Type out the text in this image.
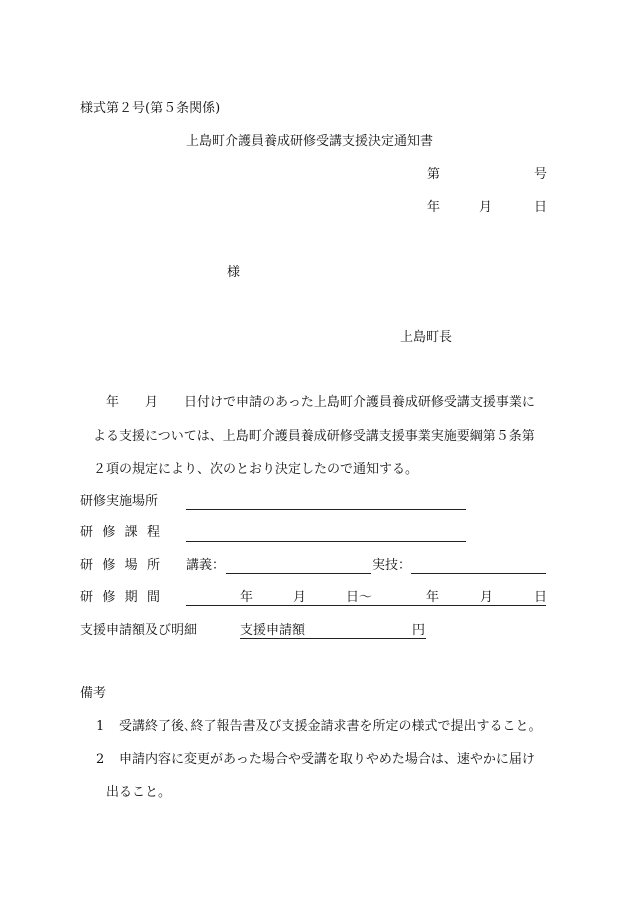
様式第２号(第５条関係)
上島町介護員養成研修受講支援決定通知書
第	号
年	月	日
様
上島町長
年　　月　　日付けで申請のあった上島町介護員養成研修受講支援事業に
よる支援については、上島町介護員養成研修受講支援事業実施要綱第５条第
２項の規定により、次のとおり決定したので通知する。
研修実施場所
研 修 課 程
研 修 場 所 講義：	実技：
研 修 期 間	年	月	日～	年	月	日
支援申請額及び明細	支援申請額	円
備考
1 受講終了後､終了報告書及び支援金請求書を所定の様式で提出すること。
2 申請内容に変更があった場合や受講を取りやめた場合は、速やかに届け
出ること。
